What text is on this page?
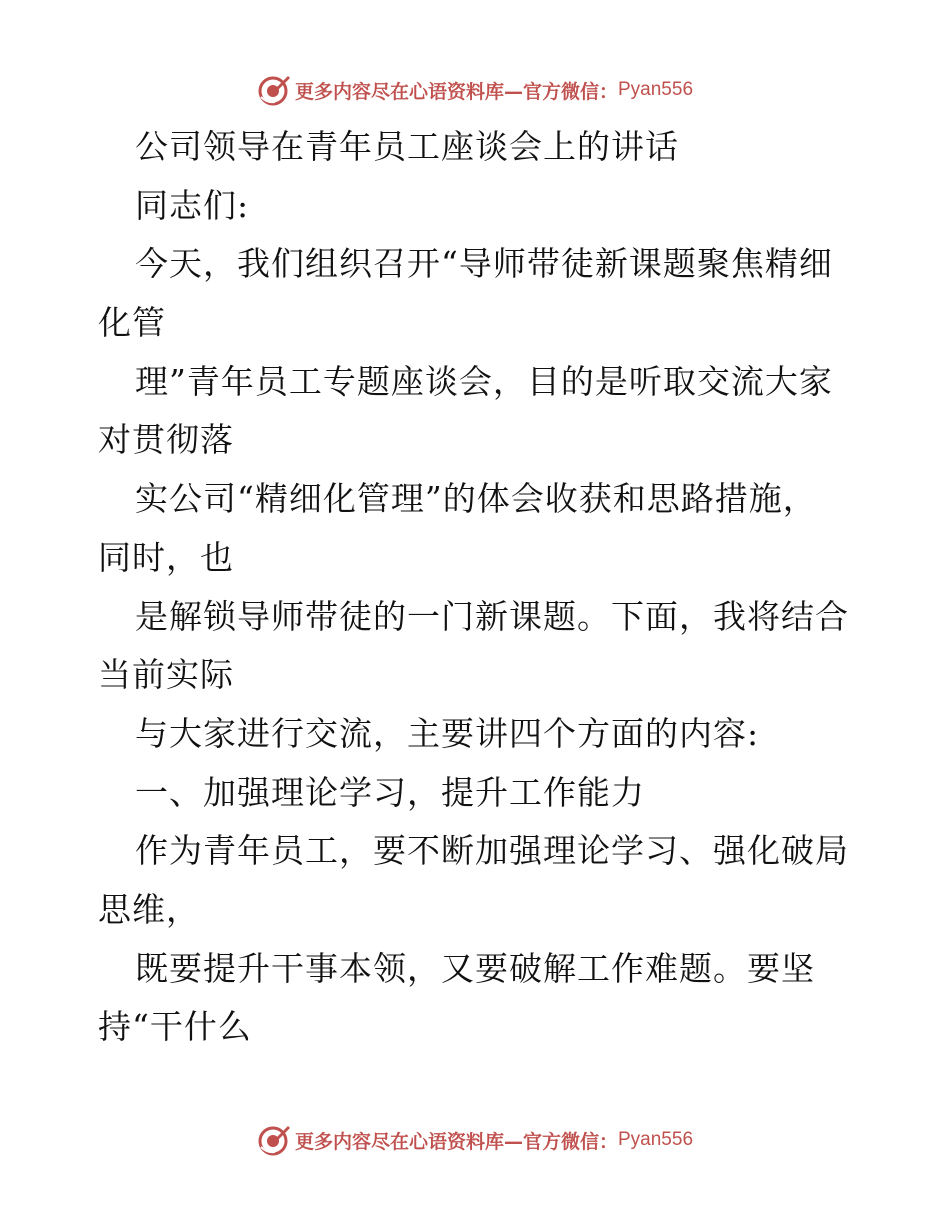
更多内容尽在心语资料库—官方微信： Pyan556
公司领导在青年员工座谈会上的讲话
同志们:
今天，我们组织召开“导师带徒新课题聚焦精细
化管
理”青年员工专题座谈会，目的是听取交流大家
对贯彻落
实公司“精细化管理”的体会收获和思路措施，
同时，也
是解锁导师带徒的一门新课题。下面，我将结合
当前实际
与大家进行交流，主要讲四个方面的内容:
一、加强理论学习，提升工作能力
作为青年员工，要不断加强理论学习、强化破局
思维，
既要提升干事本领，又要破解工作难题。要坚
持“干什么
更多内容尽在心语资料库—官方微信： Pyan556
